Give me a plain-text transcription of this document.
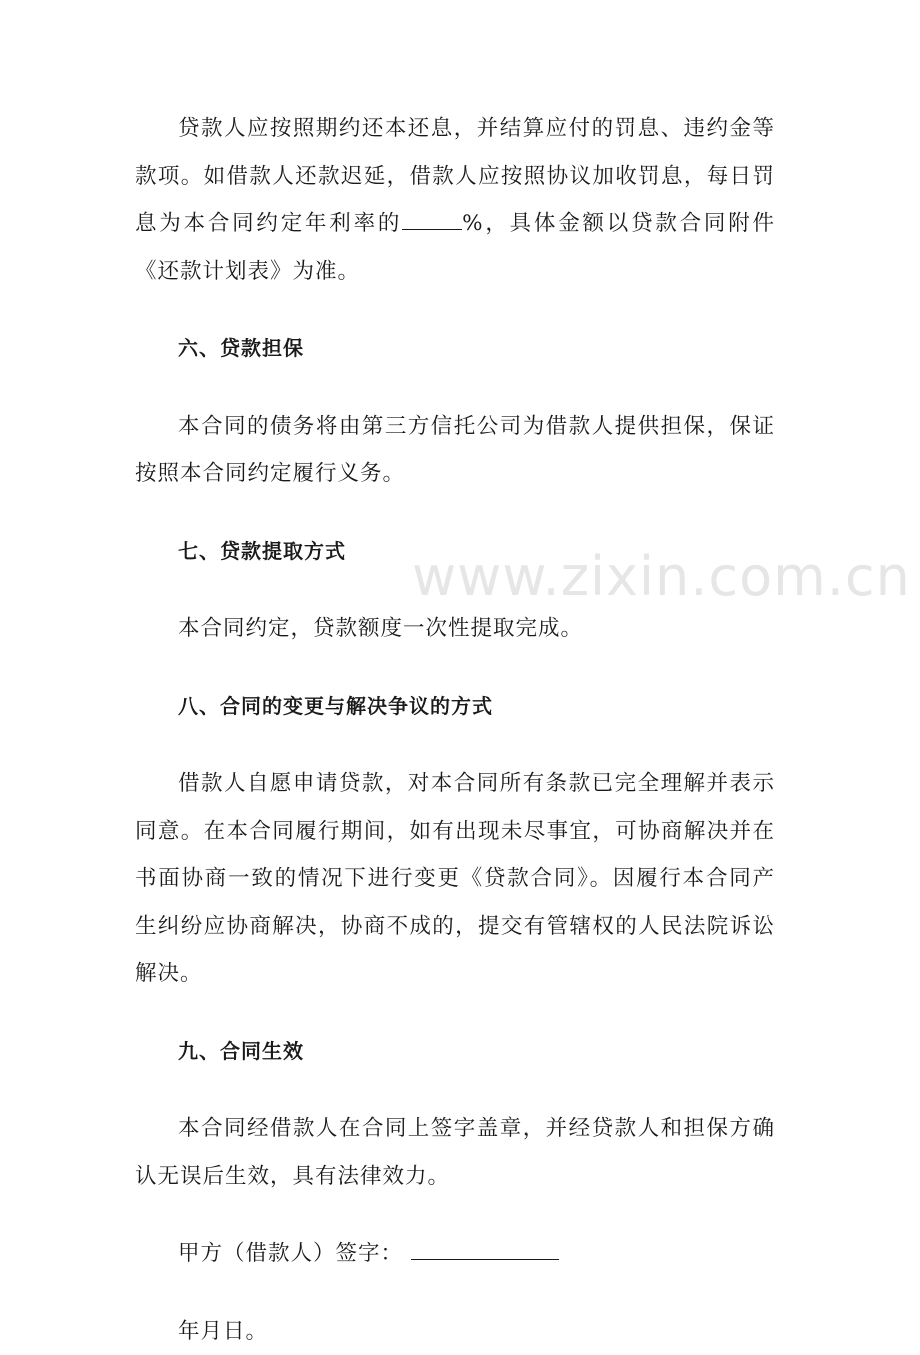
www.zixin.com.cn

贷款人应按照期约还本还息，并结算应付的罚息、违约金等款项。如借款人还款迟延，借款人应按照协议加收罚息，每日罚息为本合同约定年利率的	%，具体金额以贷款合同附件《还款计划表》为准。

六、贷款担保

本合同的债务将由第三方信托公司为借款人提供担保，保证按照本合同约定履行义务。

七、贷款提取方式

本合同约定，贷款额度一次性提取完成。

八、合同的变更与解决争议的方式

借款人自愿申请贷款，对本合同所有条款已完全理解并表示同意。在本合同履行期间，如有出现未尽事宜，可协商解决并在书面协商一致的情况下进行变更《贷款合同》。因履行本合同产生纠纷应协商解决，协商不成的，提交有管辖权的人民法院诉讼解决。

九、合同生效

本合同经借款人在合同上签字盖章，并经贷款人和担保方确认无误后生效，具有法律效力。

甲方（借款人）签字：

年月日。
